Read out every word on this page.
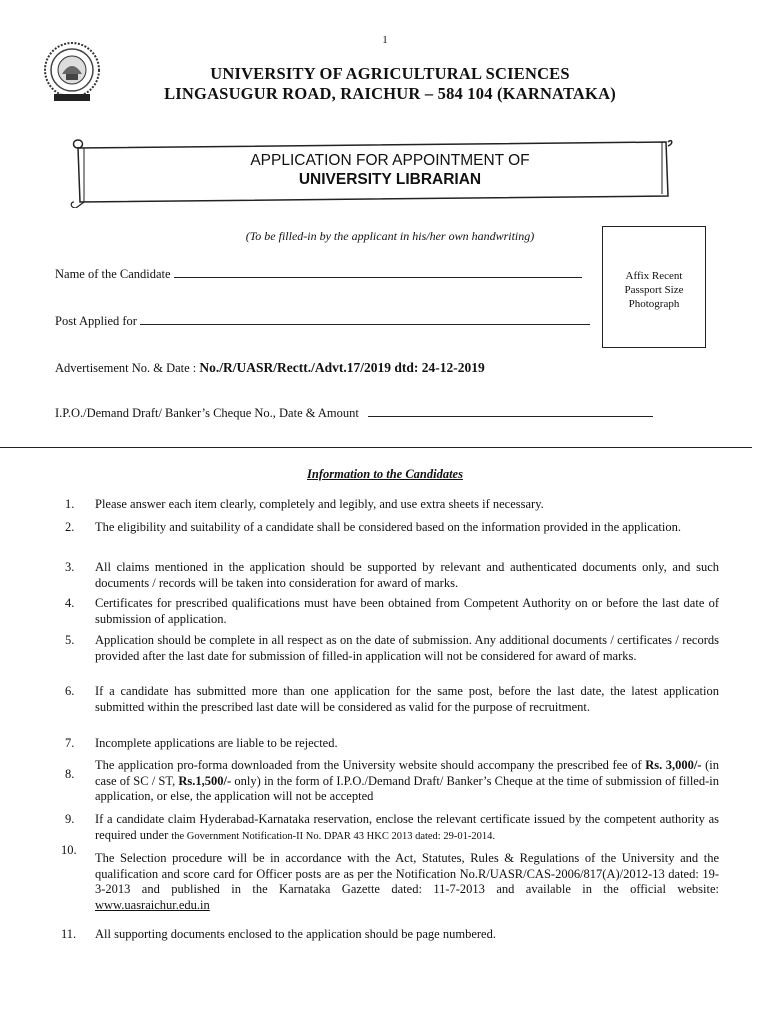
1
UNIVERSITY OF AGRICULTURAL SCIENCES
LINGASUGUR ROAD, RAICHUR – 584 104 (KARNATAKA)
APPLICATION FOR APPOINTMENT OF
UNIVERSITY LIBRARIAN
(To be filled-in by the applicant in his/her own handwriting)
Affix Recent
Passport Size
Photograph
Name of the Candidate
Post Applied for
Advertisement No. & Date : No./R/UASR/Rectt./Advt.17/2019 dtd: 24-12-2019
I.P.O./Demand Draft/ Banker’s Cheque No., Date & Amount
Information to the Candidates
1.	Please answer each item clearly, completely and legibly, and use extra sheets if necessary.
2.	The eligibility and suitability of a candidate shall be considered based on the information provided in the application.
3.	All claims mentioned in the application should be supported by relevant and authenticated documents only, and such documents / records will be taken into consideration for award of marks.
4.	Certificates for prescribed qualifications must have been obtained from Competent Authority on or before the last date of submission of application.
5.	Application should be complete in all respect as on the date of submission. Any additional documents / certificates / records provided after the last date for submission of filled-in application will not be considered for award of marks.
6.	If a candidate has submitted more than one application for the same post, before the last date, the latest application submitted within the prescribed last date will be considered as valid for the purpose of recruitment.
7.	Incomplete applications are liable to be rejected.
8.
The application pro-forma downloaded from the University website should accompany the prescribed fee of Rs. 3,000/- (in case of SC / ST, Rs.1,500/- only) in the form of I.P.O./Demand Draft/ Banker’s Cheque at the time of submission of filled-in application, or else, the application will not be accepted
9.	If a candidate claim Hyderabad-Karnataka reservation, enclose the relevant certificate issued by the competent authority as required under the Government Notification-II No. DPAR 43 HKC 2013 dated: 29-01-2014.
10.
The Selection procedure will be in accordance with the Act, Statutes, Rules & Regulations of the University and the qualification and score card for Officer posts are as per the Notification No.R/UASR/CAS-2006/817(A)/2012-13 dated: 19-3-2013 and published in the Karnataka Gazette dated: 11-7-2013 and available in the official website: www.uasraichur.edu.in
11.	All supporting documents enclosed to the application should be page numbered.
